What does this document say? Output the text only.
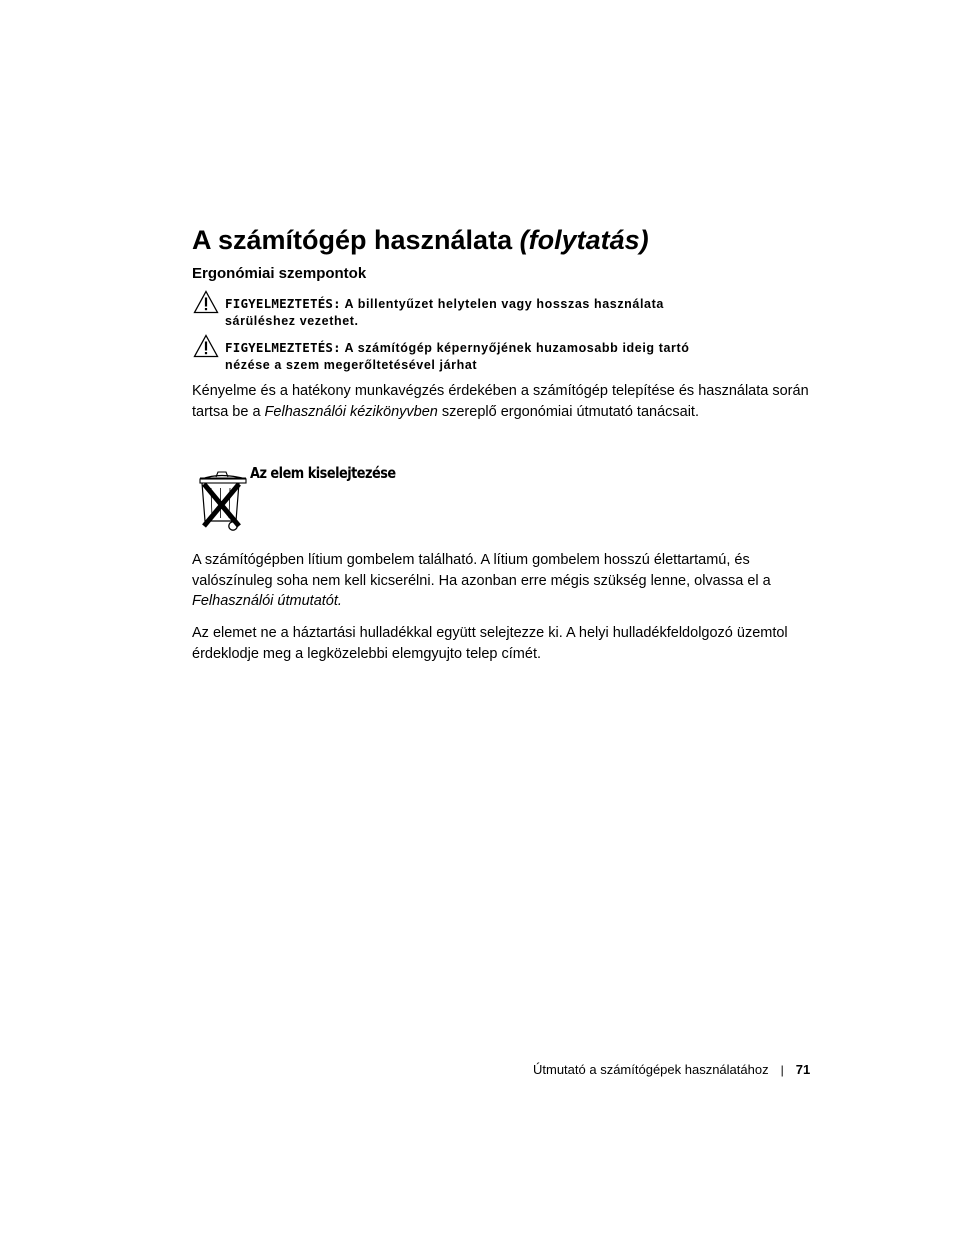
A számítógép használata (folytatás)
Ergonómiai szempontok

FIGYELMEZTETÉS: A billentyűzet helytelen vagy hosszas használata
sárüléshez vezethet.

FIGYELMEZTETÉS: A számítógép képernyőjének huzamosabb ideig tartó
nézése a szem megerőltetésével járhat

Kényelme és a hatékony munkavégzés érdekében a számítógép telepítése és használata során tartsa be a Felhasználói kézikönyvben szereplő ergonómiai útmutató tanácsait.

Az elem kiselejtezése

A számítógépben lítium gombelem található. A lítium gombelem hosszú élettartamú, és valószínuleg soha nem kell kicserélni. Ha azonban erre mégis szükség lenne, olvassa el a Felhasználói útmutatót.

Az elemet ne a háztartási hulladékkal együtt selejtezze ki. A helyi hulladékfeldolgozó üzemtol érdeklodje meg a legközelebbi elemgyujto telep címét.

Útmutató a számítógépek használatához | 71
